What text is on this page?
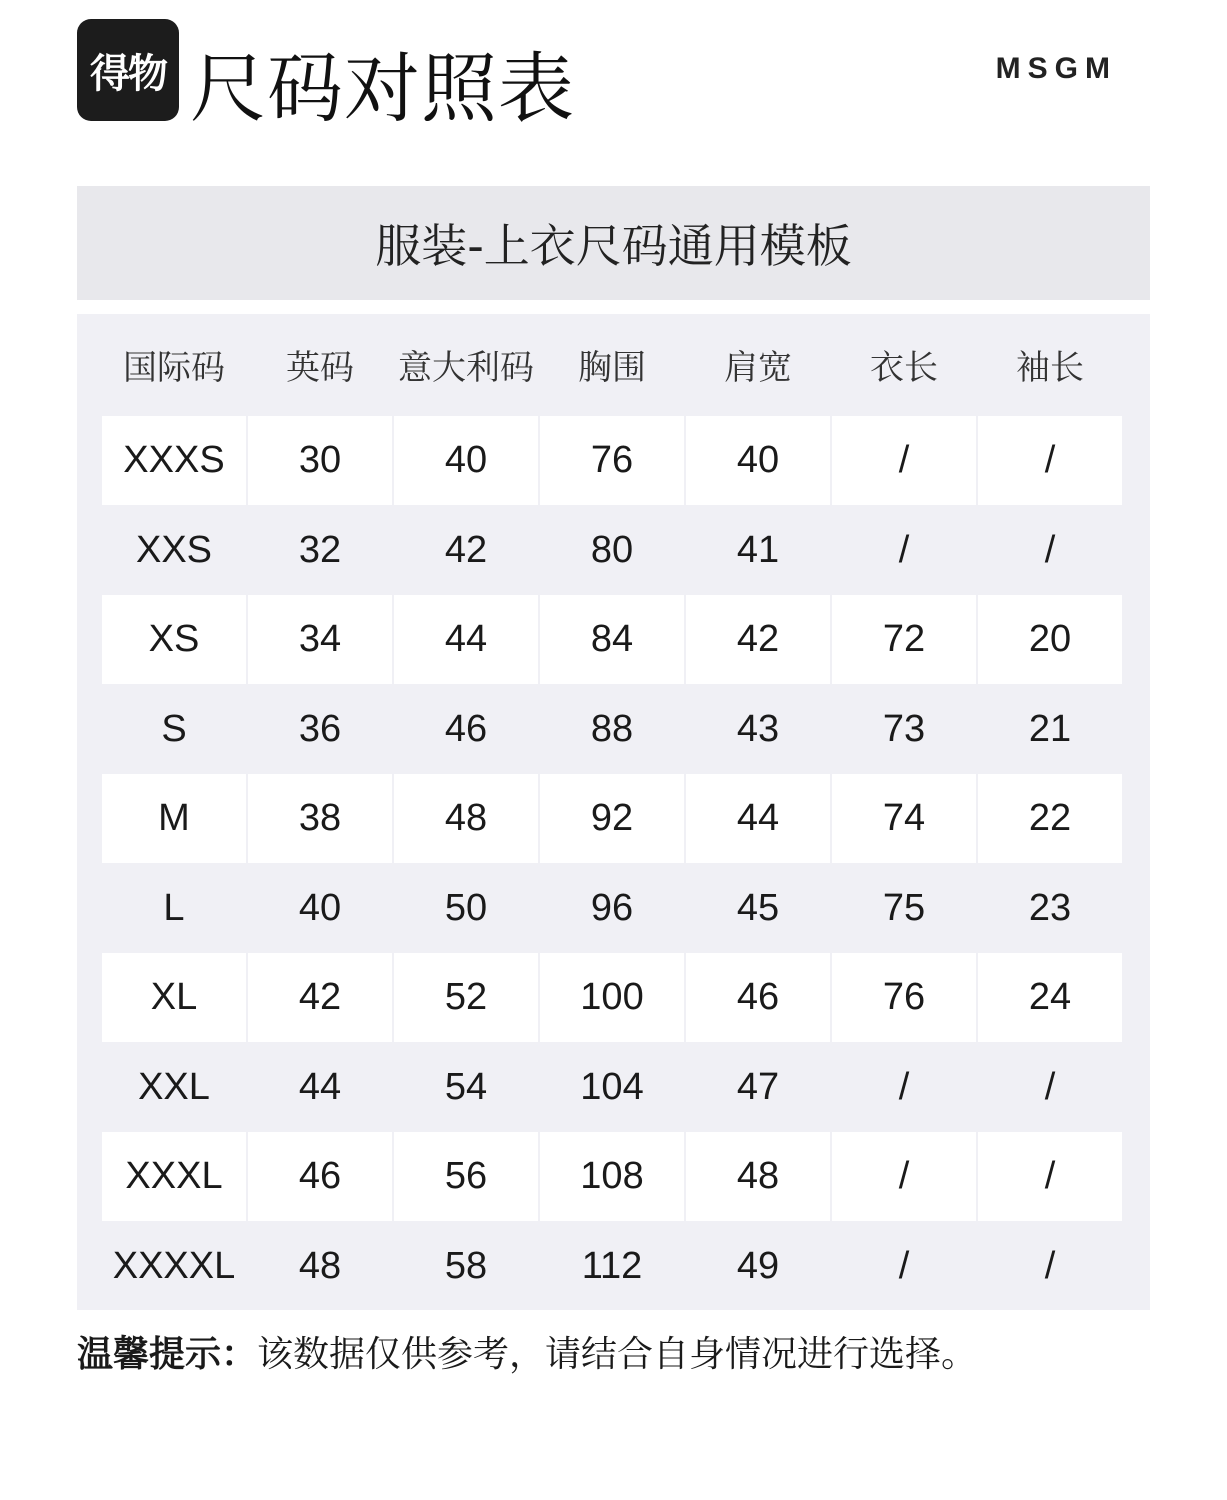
得物 尺码对照表	MSGM
服装-上衣尺码通用模板
国际码	英码	意大利码	胸围	肩宽	衣长	袖长
XXXS	30	40	76	40	/	/
XXS	32	42	80	41	/	/
XS	34	44	84	42	72	20
S	36	46	88	43	73	21
M	38	48	92	44	74	22
L	40	50	96	45	75	23
XL	42	52	100	46	76	24
XXL	44	54	104	47	/	/
XXXL	46	56	108	48	/	/
XXXXL	48	58	112	49	/	/
温馨提示：该数据仅供参考，请结合自身情况进行选择。
